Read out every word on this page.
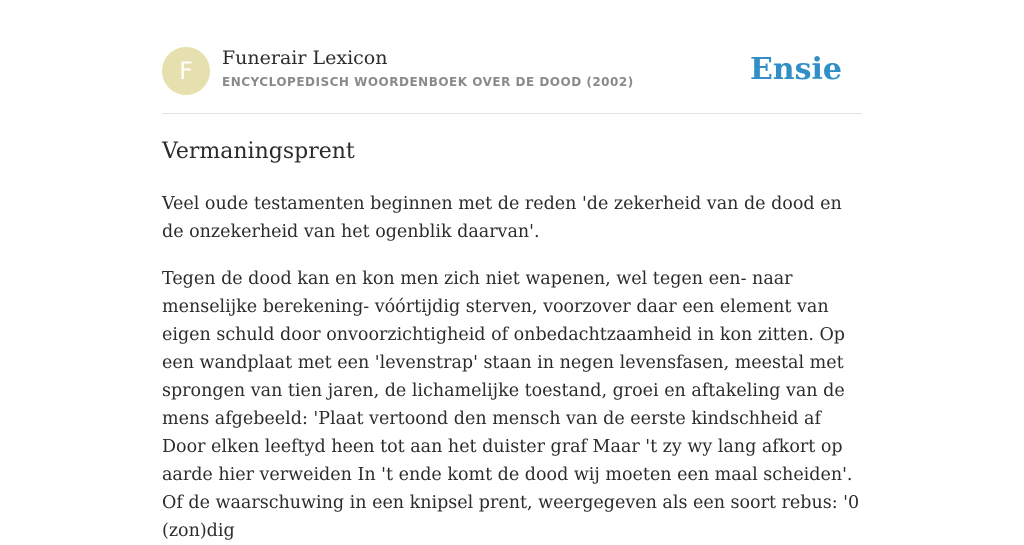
F	Funerair Lexicon
ENCYCLOPEDISCH WOORDENBOEK OVER DE DOOD (2002)	Ensie
Vermaningsprent

Veel oude testamenten beginnen met de reden 'de zekerheid van de dood en de onzekerheid van het ogenblik daarvan'.

Tegen de dood kan en kon men zich niet wapenen, wel tegen een- naar menselijke berekening- vóórtijdig sterven, voorzover daar een element van eigen schuld door onvoorzichtigheid of onbedachtzaamheid in kon zitten. Op een wandplaat met een 'levenstrap' staan in negen levensfasen, meestal met sprongen van tien jaren, de lichamelijke toestand, groei en aftakeling van de mens afgebeeld: 'Plaat vertoond den mensch van de eerste kindschheid af Door elken leeftyd heen tot aan het duister graf Maar 't zy wy lang afkort op aarde hier verweiden In 't ende komt de dood wij moeten een maal scheiden'. Of de waarschuwing in een knipsel prent, weergegeven als een soort rebus: '0 (zon)dig
